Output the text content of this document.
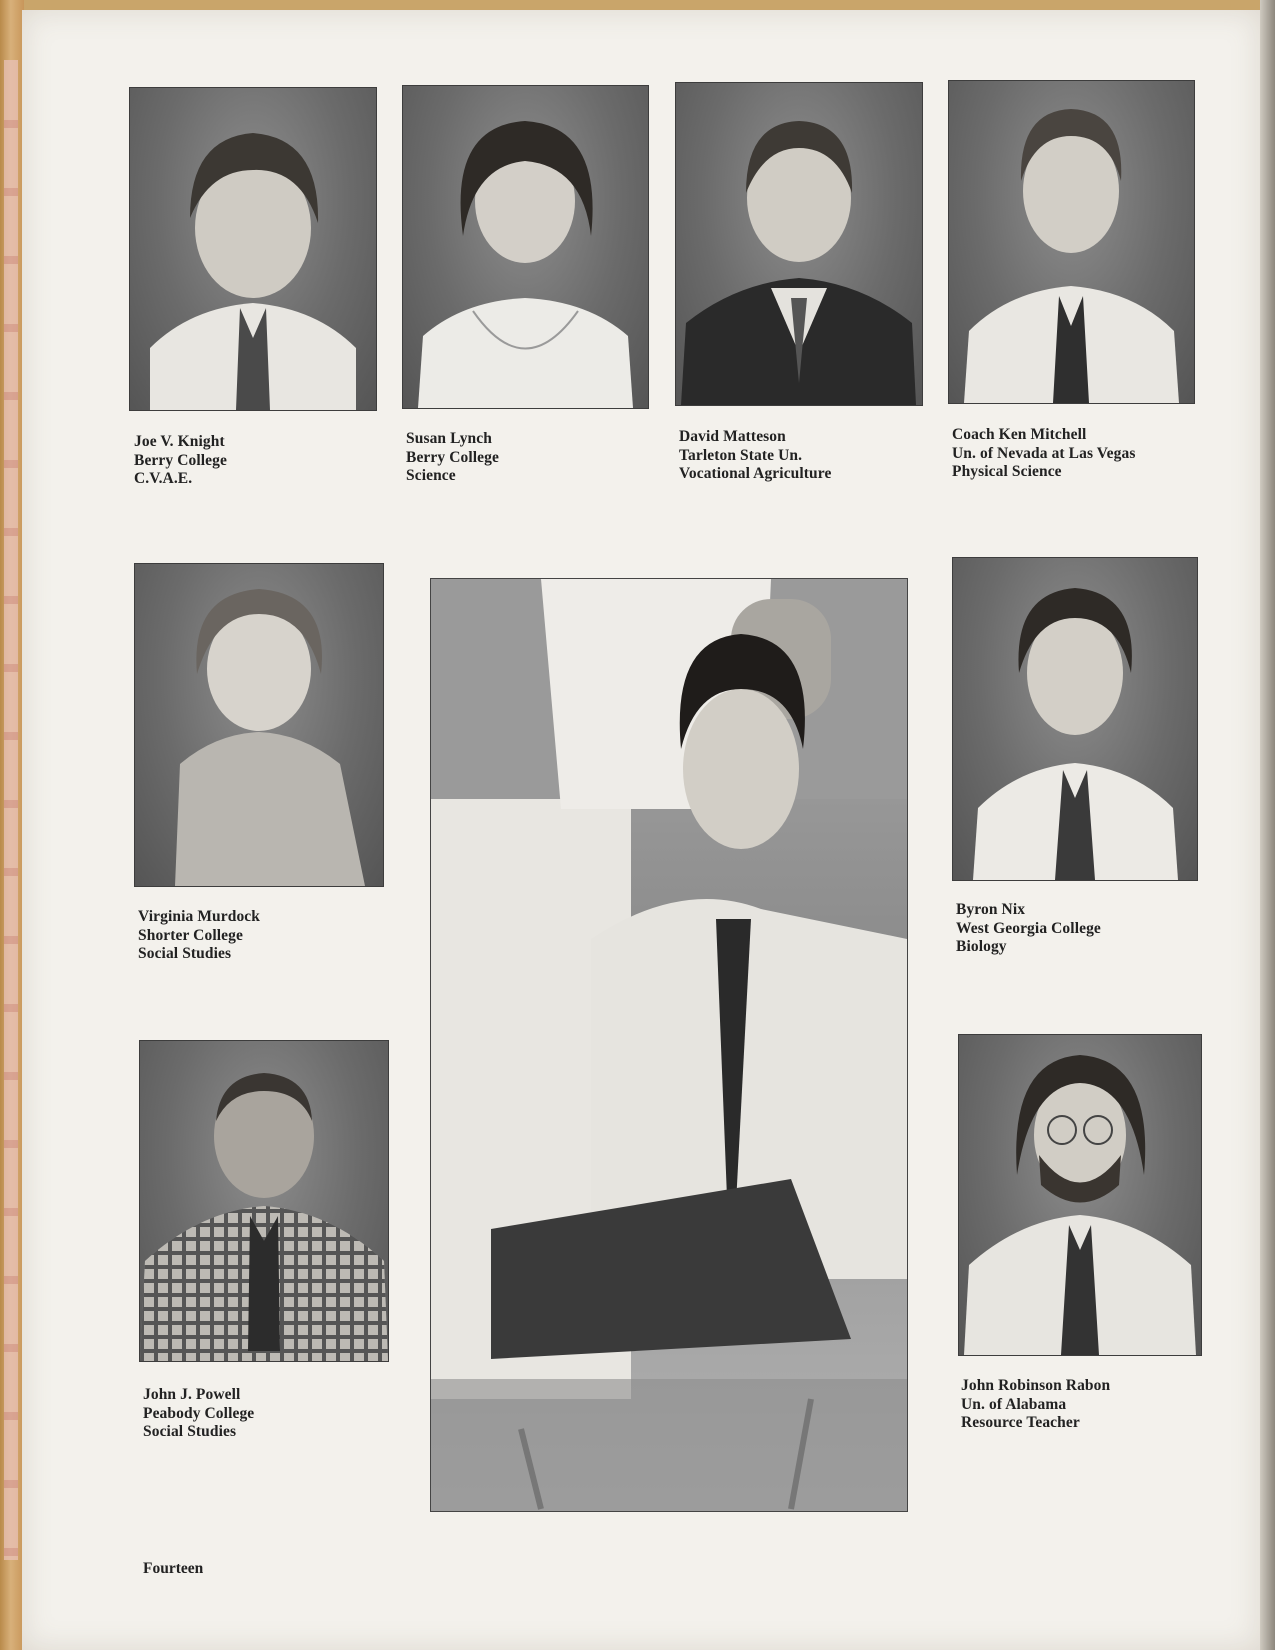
Joe V. Knight
Berry College
C.V.A.E.
Susan Lynch
Berry College
Science
David Matteson
Tarleton State Un.
Vocational Agriculture
Coach Ken Mitchell
Un. of Nevada at Las Vegas
Physical Science
Virginia Murdock
Shorter College
Social Studies
Byron Nix
West Georgia College
Biology
John J. Powell
Peabody College
Social Studies
John Robinson Rabon
Un. of Alabama
Resource Teacher
Fourteen
